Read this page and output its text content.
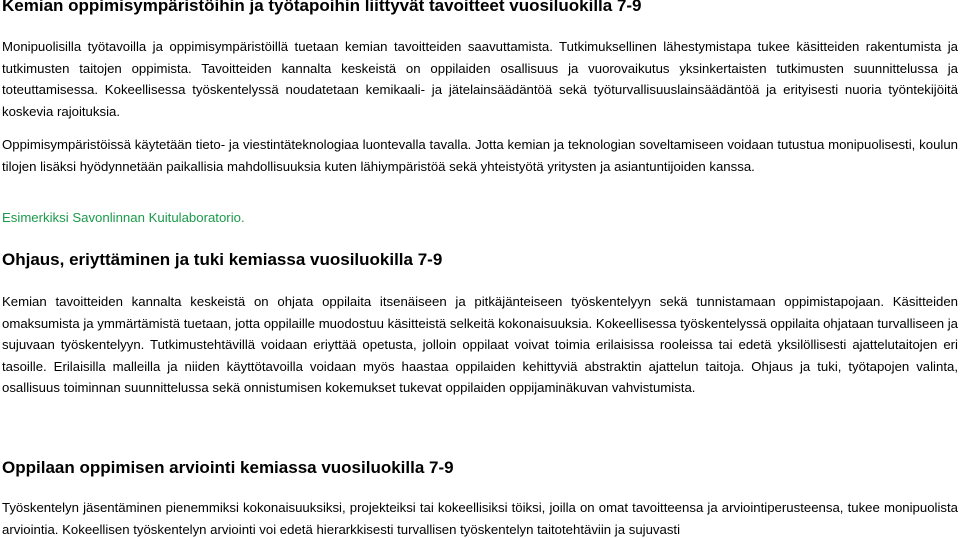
Kemian oppimisympäristöihin ja työtapoihin liittyvät tavoitteet vuosiluokilla 7-9

Monipuolisilla työtavoilla ja oppimisympäristöillä tuetaan kemian tavoitteiden saavuttamista. Tutkimuksellinen lähestymistapa tukee käsitteiden rakentumista ja tutkimusten taitojen oppimista. Tavoitteiden kannalta keskeistä on oppilaiden osallisuus ja vuorovaikutus yksinkertaisten tutkimusten suunnittelussa ja toteuttamisessa. Kokeellisessa työskentelyssä noudatetaan kemikaali- ja jätelainsäädäntöä sekä työturvallisuuslainsäädäntöä ja erityisesti nuoria työntekijöitä koskevia rajoituksia.

Oppimisympäristöissä käytetään tieto- ja viestintäteknologiaa luontevalla tavalla. Jotta kemian ja teknologian soveltamiseen voidaan tutustua monipuolisesti, koulun tilojen lisäksi hyödynnetään paikallisia mahdollisuuksia kuten lähiympäristöä sekä yhteistyötä yritysten ja asiantuntijoiden kanssa.

Esimerkiksi Savonlinnan Kuitulaboratorio.

Ohjaus, eriyttäminen ja tuki kemiassa vuosiluokilla 7-9

Kemian tavoitteiden kannalta keskeistä on ohjata oppilaita itsenäiseen ja pitkäjänteiseen työskentelyyn sekä tunnistamaan oppimistapojaan. Käsitteiden omaksumista ja ymmärtämistä tuetaan, jotta oppilaille muodostuu käsitteistä selkeitä kokonaisuuksia. Kokeellisessa työskentelyssä oppilaita ohjataan turvalliseen ja sujuvaan työskentelyyn. Tutkimustehtävillä voidaan eriyttää opetusta, jolloin oppilaat voivat toimia erilaisissa rooleissa tai edetä yksilöllisesti ajattelutaitojen eri tasoille. Erilaisilla malleilla ja niiden käyttötavoilla voidaan myös haastaa oppilaiden kehittyviä abstraktin ajattelun taitoja. Ohjaus ja tuki, työtapojen valinta, osallisuus toiminnan suunnittelussa sekä onnistumisen kokemukset tukevat oppilaiden oppijaminäkuvan vahvistumista.

Oppilaan oppimisen arviointi kemiassa vuosiluokilla 7-9

Työskentelyn jäsentäminen pienemmiksi kokonaisuuksiksi, projekteiksi tai kokeellisiksi töiksi, joilla on omat tavoitteensa ja arviointiperusteensa, tukee monipuolista arviointia. Kokeellisen työskentelyn arviointi voi edetä hierarkkisesti turvallisen työskentelyn taitotehtäviin ja sujuvasti
